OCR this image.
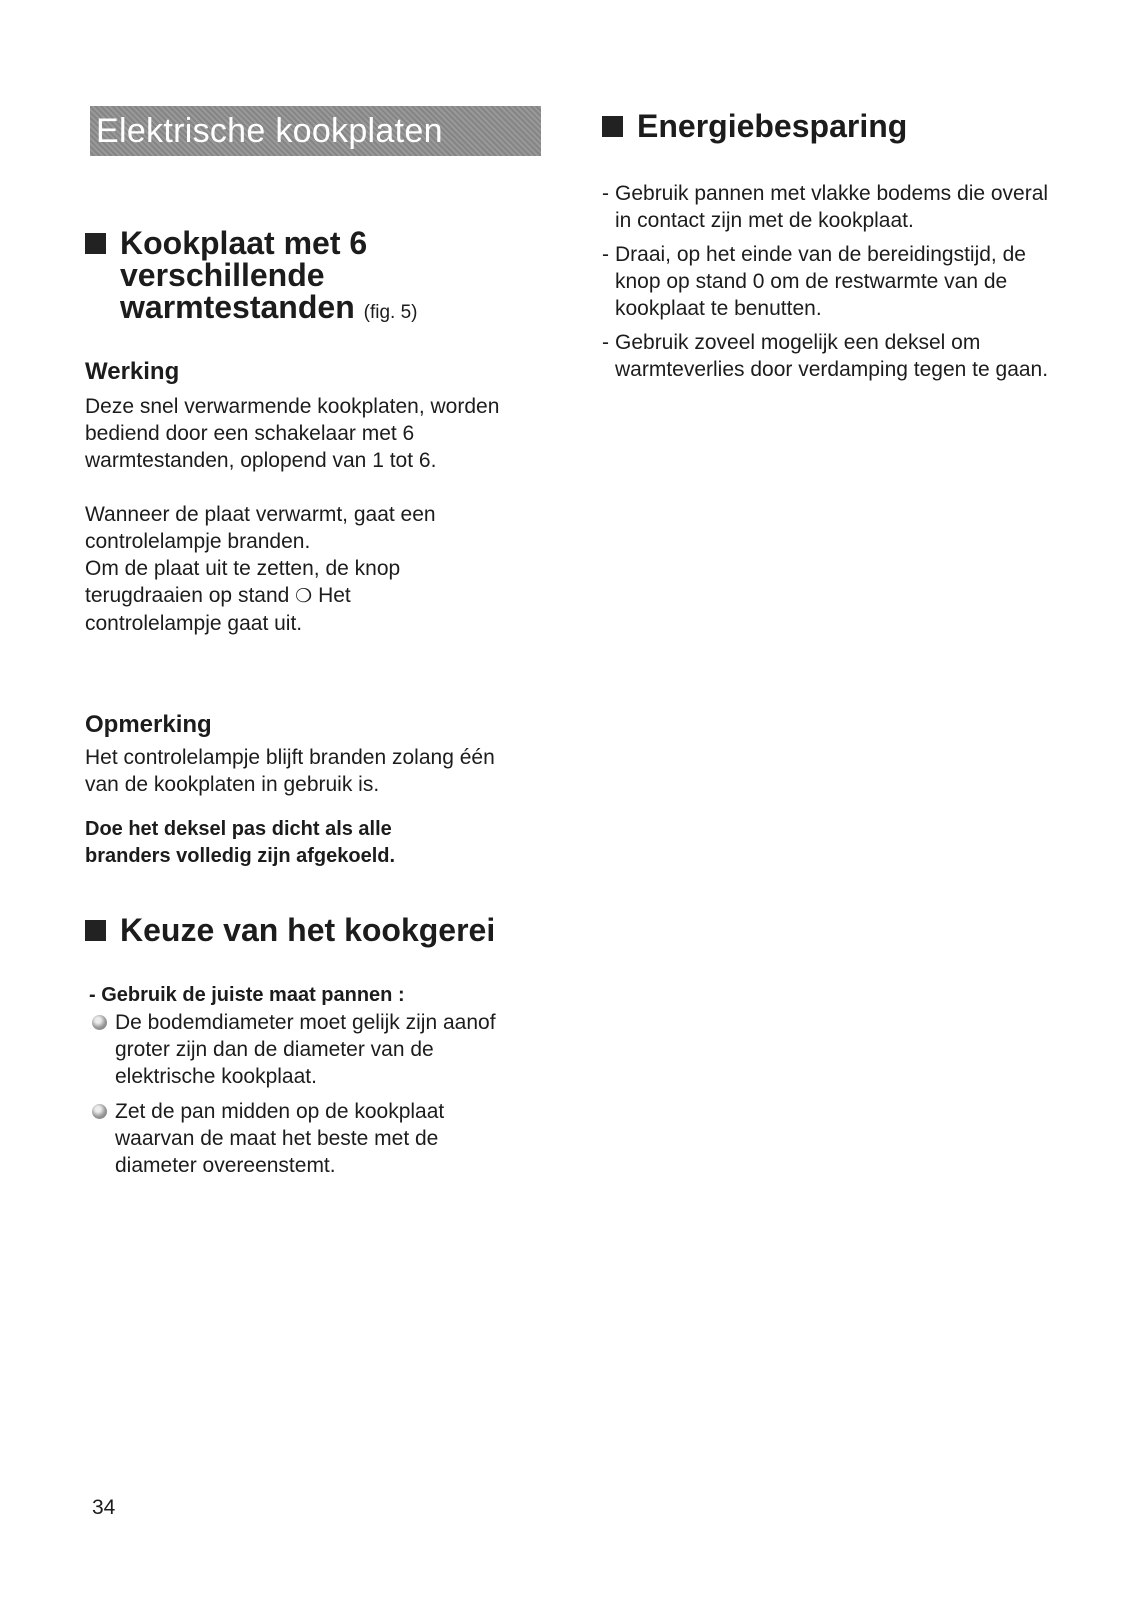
Elektrische kookplaten
Kookplaat met 6
verschillende
warmtestanden (fig. 5)
Werking

Deze snel verwarmende kookplaten, worden bediend door een schakelaar met 6 warmtestanden, oplopend van 1 tot 6.

Wanneer de plaat verwarmt, gaat een controlelampje branden.

Om de plaat uit te zetten, de knop terugdraaien op stand ❍ Het controlelampje gaat uit.

Opmerking

Het controlelampje blijft branden zolang één van de kookplaten in gebruik is.

Doe het deksel pas dicht als alle branders volledig zijn afgekoeld.

Keuze van het kookgerei

- Gebruik de juiste maat pannen :

De bodemdiameter moet gelijk zijn aanof groter zijn dan de diameter van de elektrische kookplaat.
Zet de pan midden op de kookplaat waarvan de maat het beste met de diameter overeenstemt.
Energiebesparing
- Gebruik pannen met vlakke bodems die overal in contact zijn met de kookplaat.
- Draai, op het einde van de bereidingstijd, de knop op stand 0 om de restwarmte van de kookplaat te benutten.
- Gebruik zoveel mogelijk een deksel om warmteverlies door verdamping tegen te gaan.
34
